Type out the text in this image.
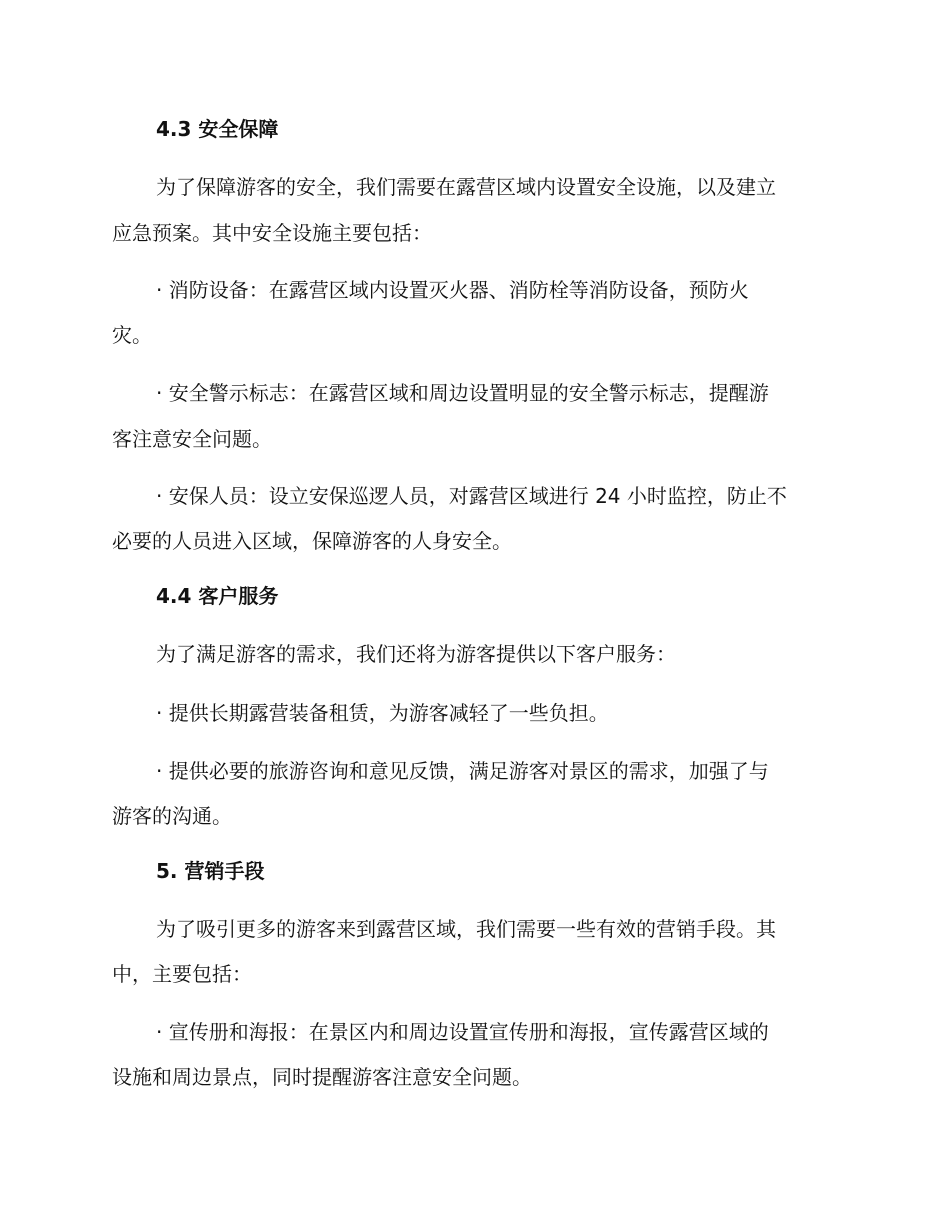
4.3 安全保障
为了保障游客的安全，我们需要在露营区域内设置安全设施，以及建立
应急预案。其中安全设施主要包括：
· 消防设备：在露营区域内设置灭火器、消防栓等消防设备，预防火
灾。
· 安全警示标志：在露营区域和周边设置明显的安全警示标志，提醒游
客注意安全问题。
· 安保人员：设立安保巡逻人员，对露营区域进行 24 小时监控，防止不
必要的人员进入区域，保障游客的人身安全。
4.4 客户服务
为了满足游客的需求，我们还将为游客提供以下客户服务：
· 提供长期露营装备租赁，为游客减轻了一些负担。
· 提供必要的旅游咨询和意见反馈，满足游客对景区的需求，加强了与
游客的沟通。
5. 营销手段
为了吸引更多的游客来到露营区域，我们需要一些有效的营销手段。其
中，主要包括：
· 宣传册和海报：在景区内和周边设置宣传册和海报，宣传露营区域的
设施和周边景点，同时提醒游客注意安全问题。
